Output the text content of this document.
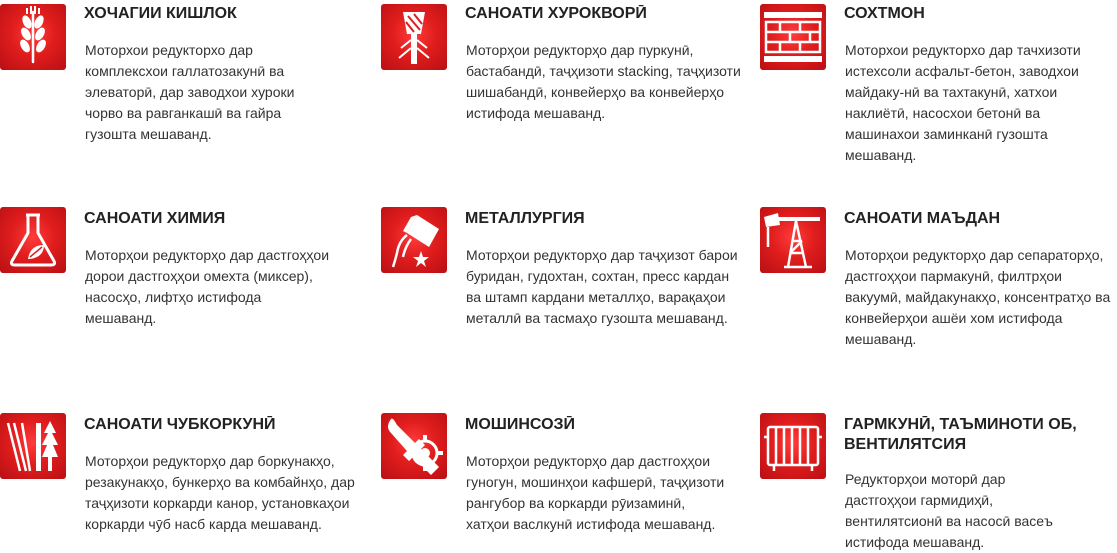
ХОЧАГИИ КИШЛОК

Моторхои редукторхо дар комплексхои галлатозакунӣ ва элеваторӣ, дар заводхои хуроки чорво ва равганкашӣ ва гайра гузошта мешаванд.

САНОАТИ ХУРОКВОРӢ

Моторҳои редукторҳо дар пуркунӣ, бастабандӣ, таҷҳизоти stacking, таҷҳизоти шишабандӣ, конвейерҳо ва конвейерҳо истифода мешаванд.

СОХТМОН

Моторхои редукторхо дар тачхизоти истехсоли асфальт-бетон, заводхои майдаку-нӣ ва тахтакунӣ, хатхои наклиётӣ, насосхои бетонӣ ва машинахои заминканӣ гузошта мешаванд.

САНОАТИ ХИМИЯ

Моторҳои редукторҳо дар дастгоҳҳои дорои дастгоҳҳои омехта (миксер), насосҳо, лифтҳо истифода мешаванд.

МЕТАЛЛУРГИЯ

Моторҳои редукторҳо дар таҷҳизот барои буридан, гудохтан, сохтан, пресс кардан ва штамп кардани металлҳо, варақаҳои металлӣ ва тасмаҳо гузошта мешаванд.

САНОАТИ МАЪДАН

Моторҳои редукторҳо дар сепараторҳо, дастгоҳҳои пармакунӣ, филтрҳои вакуумӣ, майдакунакҳо, консентратҳо ва конвейерҳои ашёи хом истифода мешаванд.

САНОАТИ ЧУБКОРКУНӢ

Моторҳои редукторҳо дар боркунакҳо, резакунакҳо, бункерҳо ва комбайнҳо, дар таҷҳизоти коркарди канор, установкаҳои коркарди чӯб насб карда мешаванд.

МОШИНСОЗӢ

Моторҳои редукторҳо дар дастгоҳҳои гуногун, мошинҳои кафшерӣ, таҷҳизоти рангубор ва коркарди рӯизаминӣ, хатҳои васлкунӣ истифода мешаванд.

ГАРМКУНӢ, ТАЪМИНОТИ ОБ, ВЕНТИЛЯТСИЯ

Редукторҳои моторӣ дар дастгоҳҳои гармидиҳӣ, вентилятсионӣ ва насосӣ васеъ истифода мешаванд.
